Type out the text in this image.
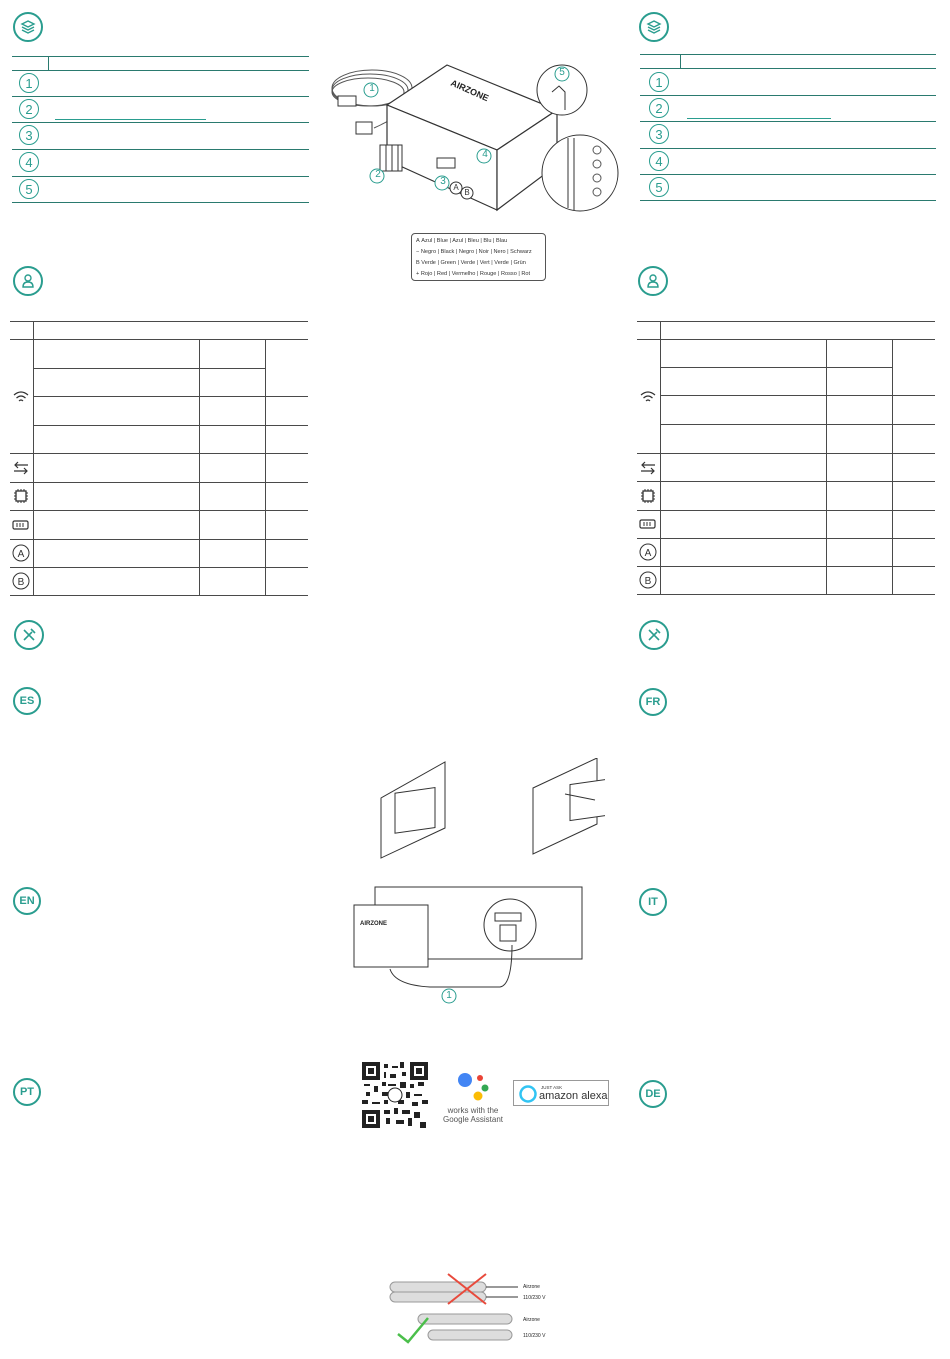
1
2
3
4
5
1
2
3
4
5
AIRZONE
1
2
3
4
5
A
B
A Azul | Blue | Azul | Bleu | Blu | Blau
− Negro | Black | Negro | Noir | Nero | Schwarz
B Verde | Green | Verde | Vert | Verde | Grün
+ Rojo | Red | Vermelho | Rouge | Rosso | Rot
A
B
A
B
ES
EN
PT
FR
IT
DE
AIRZONE
1
works with the
Google Assistant
JUST ASK
amazon alexa
Airzone
110/230 V
Airzone
110/230 V
